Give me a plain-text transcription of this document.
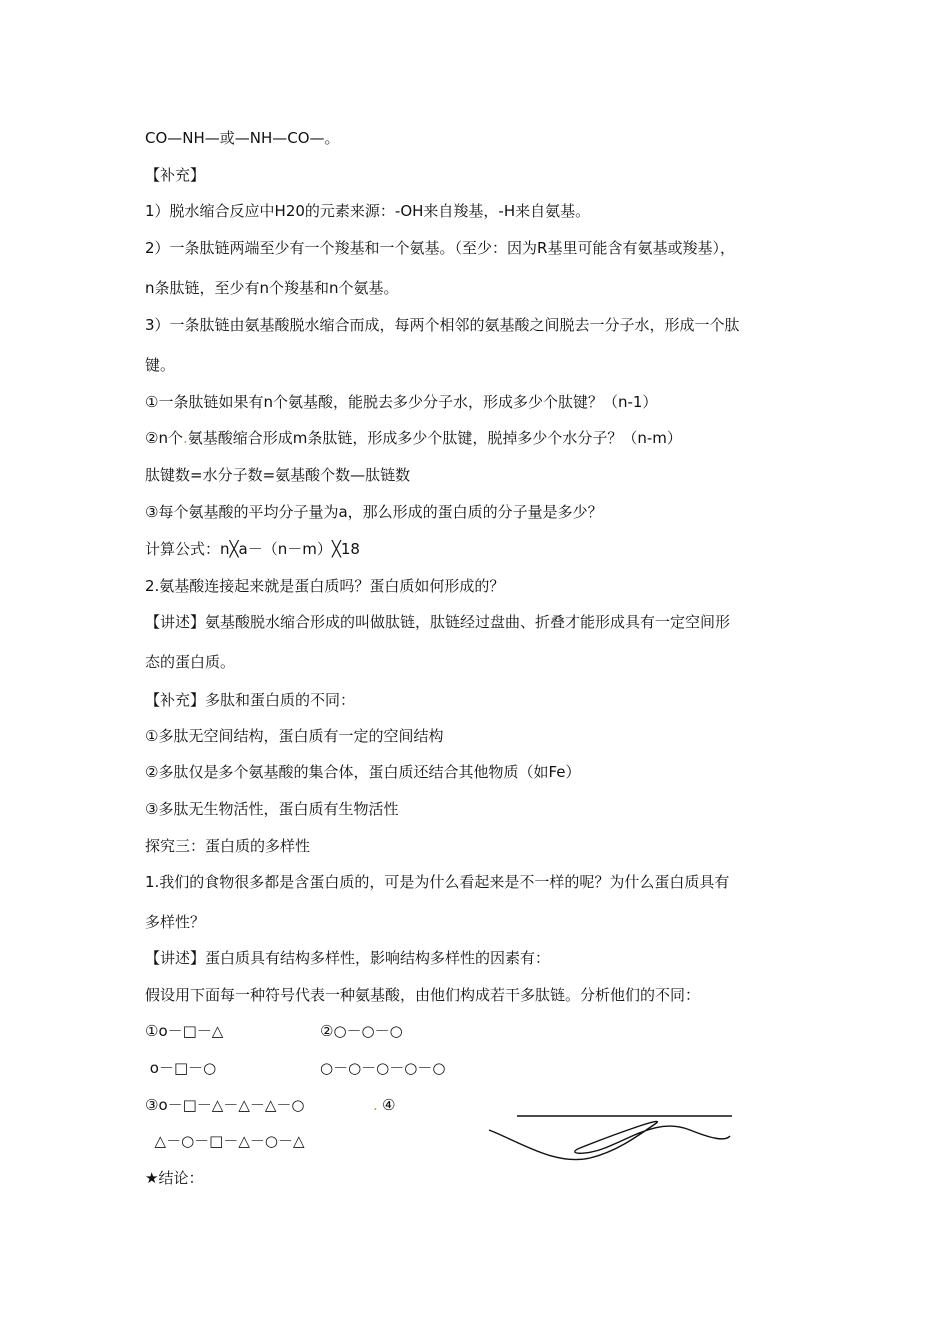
CO—NH—或—NH—CO—。
【补充】
1）脱水缩合反应中H20的元素来源：-OH来自羧基，-H来自氨基。
2）一条肽链两端至少有一个羧基和一个氨基。（至少：因为R基里可能含有氨基或羧基），
n条肽链，至少有n个羧基和n个氨基。
3）一条肽链由氨基酸脱水缩合而成，每两个相邻的氨基酸之间脱去一分子水，形成一个肽
键。
①一条肽链如果有n个氨基酸，能脱去多少分子水，形成多少个肽键？（n-1）
②n个.氨基酸缩合形成m条肽链，形成多少个肽键，脱掉多少个水分子？（n-m）
肽键数=水分子数=氨基酸个数—肽链数
③每个氨基酸的平均分子量为a，那么形成的蛋白质的分子量是多少？
计算公式：n╳a－（n－m）╳18
2.氨基酸连接起来就是蛋白质吗？蛋白质如何形成的？
【讲述】氨基酸脱水缩合形成的叫做肽链，肽链经过盘曲、折叠才能形成具有一定空间形
态的蛋白质。
【补充】多肽和蛋白质的不同：
①多肽无空间结构，蛋白质有一定的空间结构
②多肽仅是多个氨基酸的集合体，蛋白质还结合其他物质（如Fe）
③多肽无生物活性，蛋白质有生物活性
探究三：蛋白质的多样性
1.我们的食物很多都是含蛋白质的，可是为什么看起来是不一样的呢？为什么蛋白质具有
多样性？
【讲述】蛋白质具有结构多样性，影响结构多样性的因素有：
假设用下面每一种符号代表一种氨基酸，由他们构成若干多肽链。分析他们的不同：
①o－□－△	②○－○－○
o－□－○	○－○－○－○－○
③o－□－△－△－△－○	. ④
△－○－□－△－○－△
★结论：
